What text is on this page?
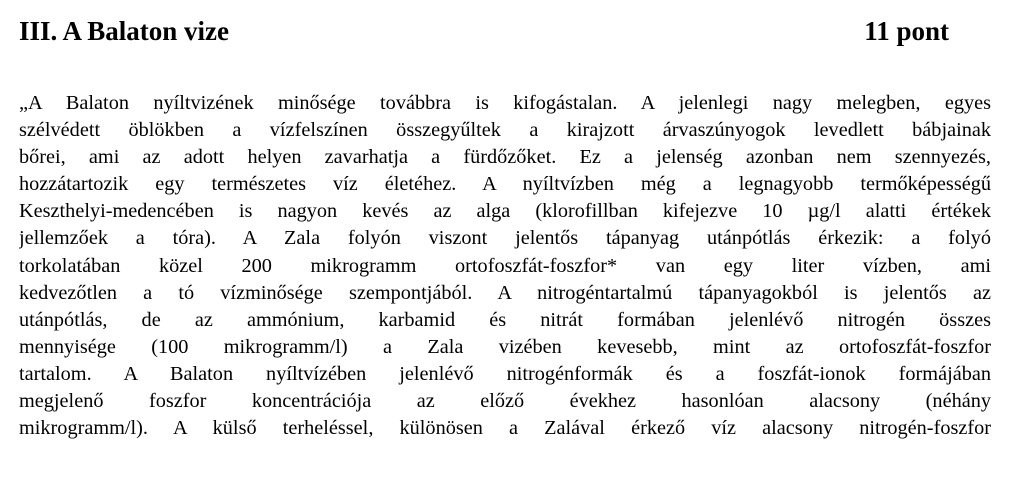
III. A Balaton vize	11 pont
„A Balaton nyíltvizének minősége továbbra is kifogástalan. A jelenlegi nagy melegben, egyes
szélvédett öblökben a vízfelszínen összegyűltek a kirajzott árvaszúnyogok levedlett bábjainak
bőrei, ami az adott helyen zavarhatja a fürdőzőket. Ez a jelenség azonban nem szennyezés,
hozzátartozik egy természetes víz életéhez. A nyíltvízben még a legnagyobb termőképességű
Keszthelyi-medencében is nagyon kevés az alga (klorofillban kifejezve 10 µg/l alatti értékek
jellemzőek a tóra). A Zala folyón viszont jelentős tápanyag utánpótlás érkezik: a folyó
torkolatában közel 200 mikrogramm ortofoszfát-foszfor* van egy liter vízben, ami
kedvezőtlen a tó vízminősége szempontjából. A nitrogéntartalmú tápanyagokból is jelentős az
utánpótlás, de az ammónium, karbamid és nitrát formában jelenlévő nitrogén összes
mennyisége (100 mikrogramm/l) a Zala vizében kevesebb, mint az ortofoszfát-foszfor
tartalom. A Balaton nyíltvízében jelenlévő nitrogénformák és a foszfát-ionok formájában
megjelenő foszfor koncentrációja az előző évekhez hasonlóan alacsony (néhány
mikrogramm/l). A külső terheléssel, különösen a Zalával érkező víz alacsony nitrogén-foszfor
